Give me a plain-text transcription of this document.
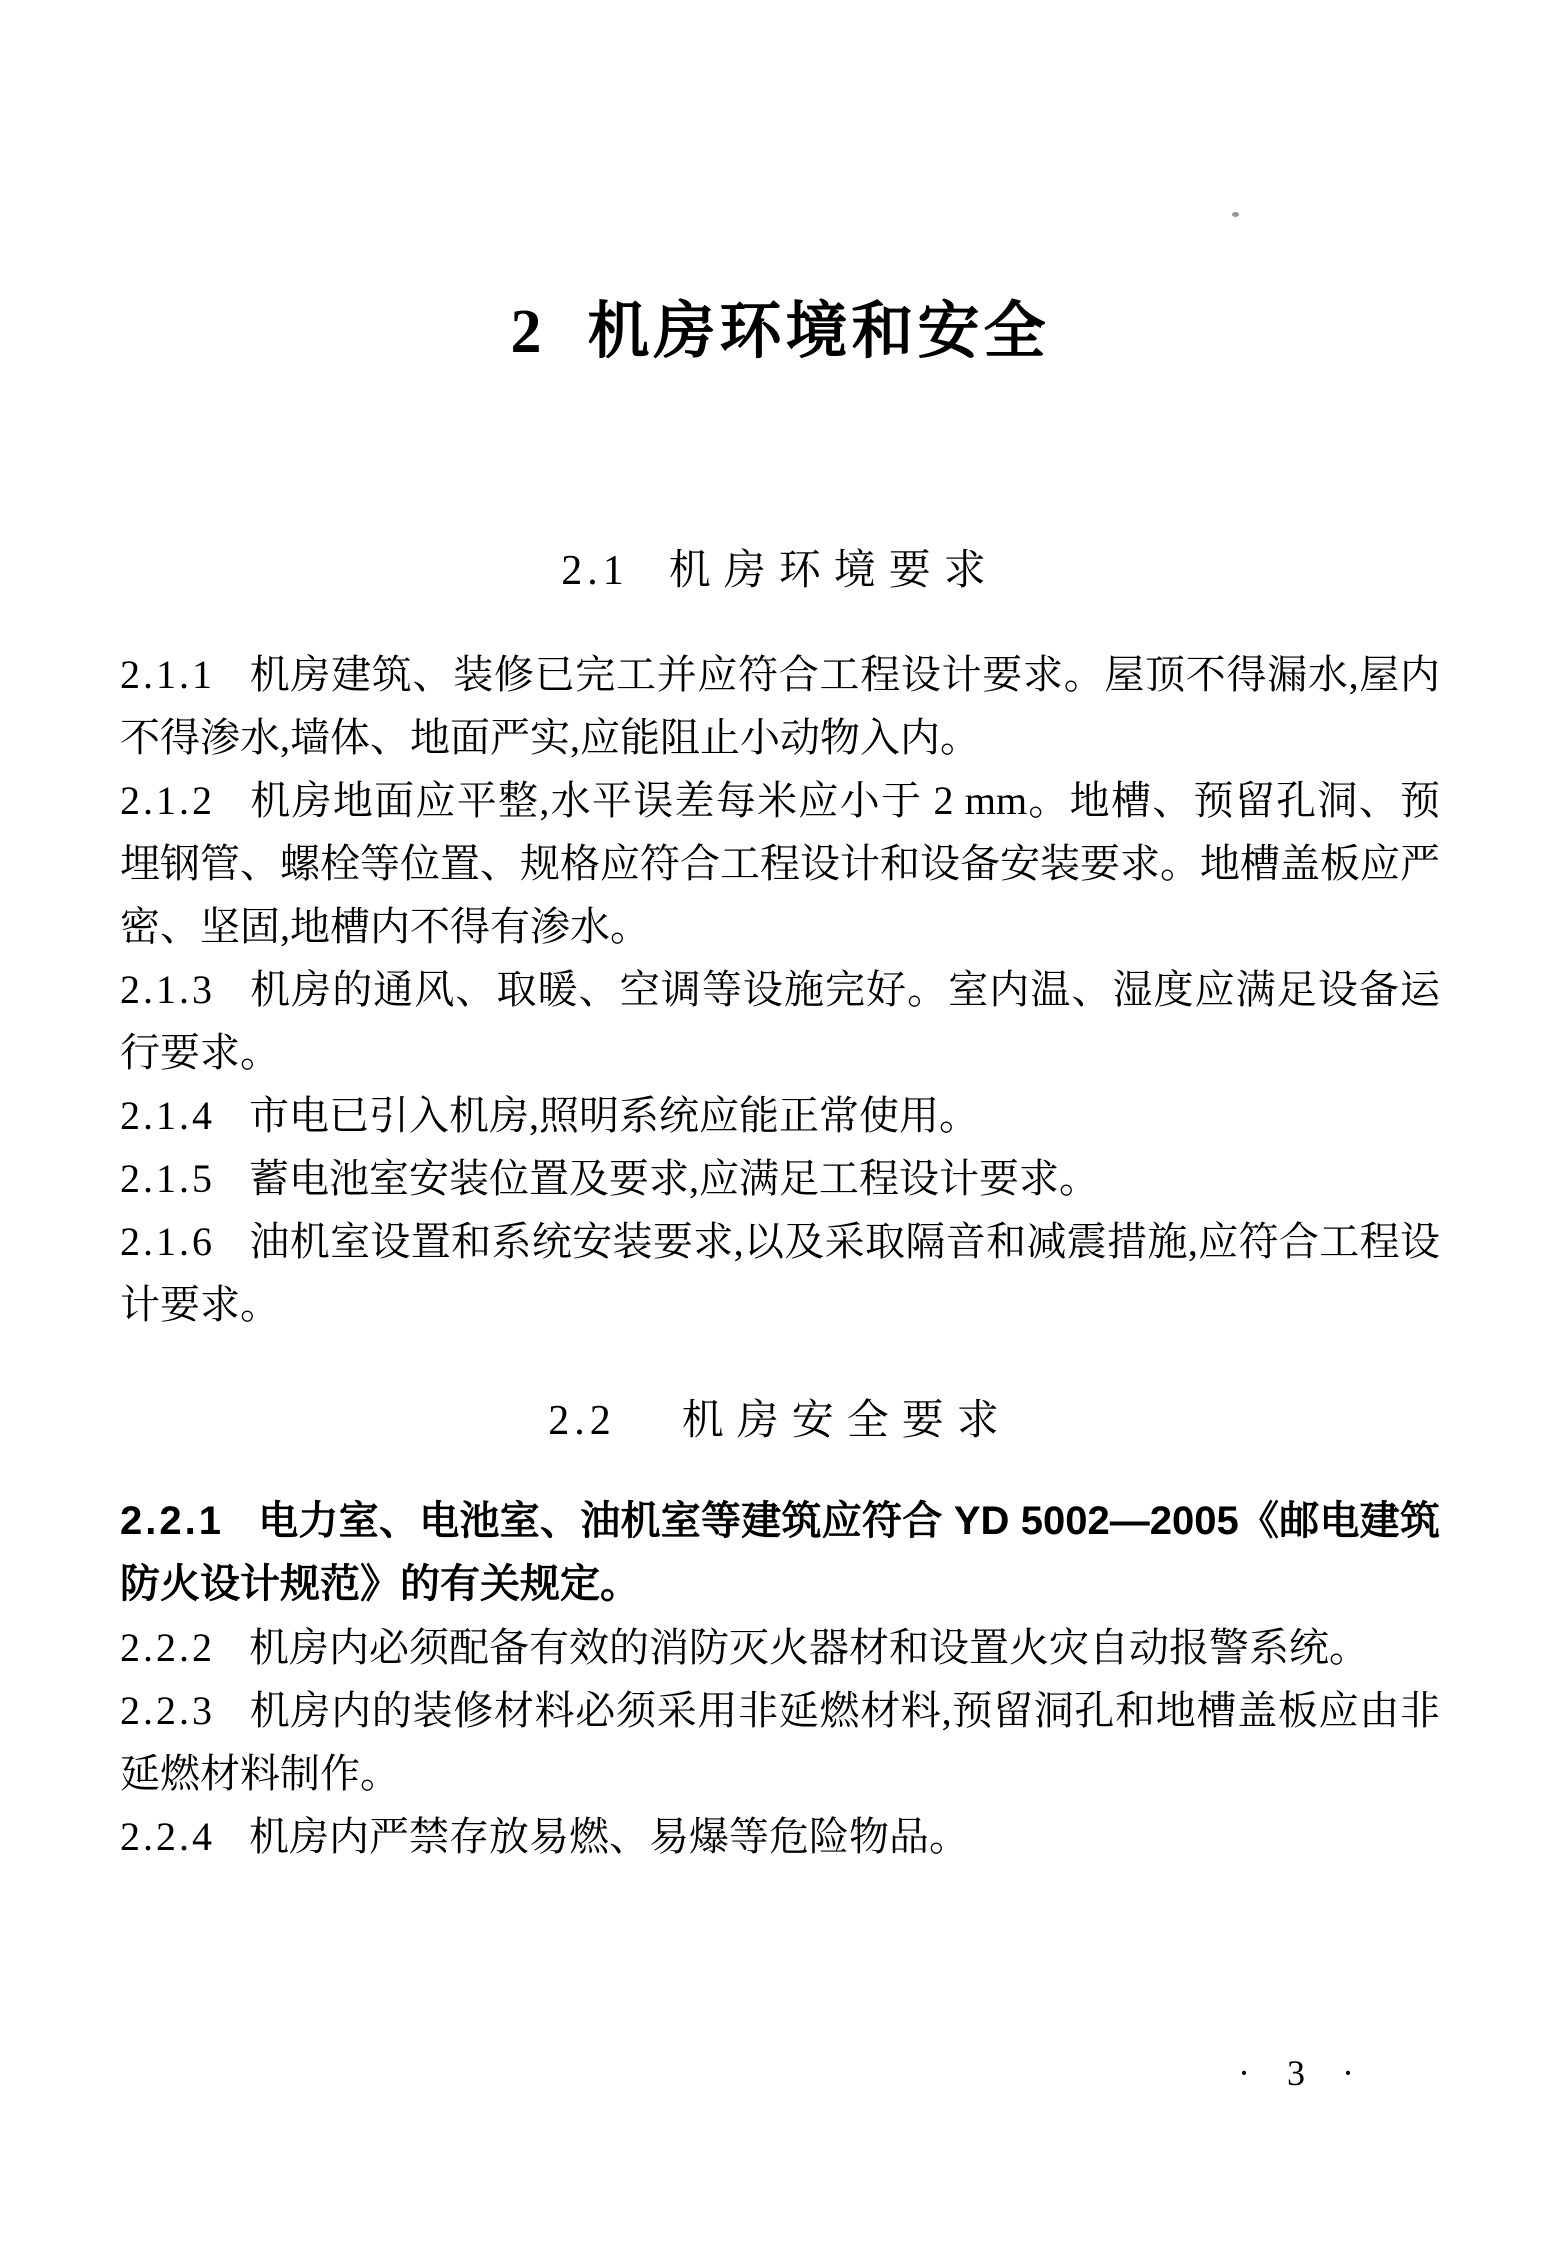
2 机房环境和安全
2.1 机房环境要求

2.1.1 机房建筑、装修已完工并应符合工程设计要求。屋顶不得漏水,屋内不得渗水,墙体、地面严实,应能阻止小动物入内。

2.1.2 机房地面应平整,水平误差每米应小于 2 mm。地槽、预留孔洞、预埋钢管、螺栓等位置、规格应符合工程设计和设备安装要求。地槽盖板应严密、坚固,地槽内不得有渗水。

2.1.3 机房的通风、取暖、空调等设施完好。室内温、湿度应满足设备运行要求。

2.1.4 市电已引入机房,照明系统应能正常使用。

2.1.5 蓄电池室安装位置及要求,应满足工程设计要求。

2.1.6 油机室设置和系统安装要求,以及采取隔音和减震措施,应符合工程设计要求。

2.2 机房安全要求

2.2.1 电力室、电池室、油机室等建筑应符合 YD 5002—2005《邮电建筑防火设计规范》的有关规定。

2.2.2 机房内必须配备有效的消防灭火器材和设置火灾自动报警系统。

2.2.3 机房内的装修材料必须采用非延燃材料,预留洞孔和地槽盖板应由非延燃材料制作。

2.2.4 机房内严禁存放易燃、易爆等危险物品。

· 3 ·
